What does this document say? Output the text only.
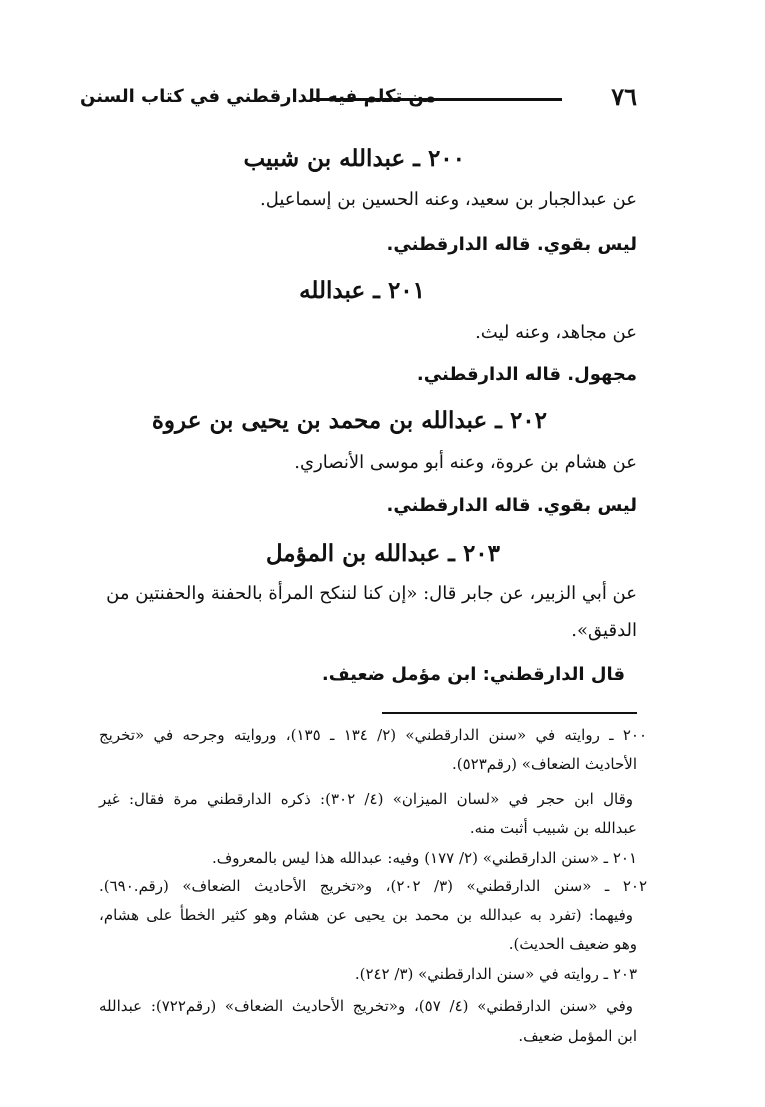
٧٦
من تكلم فيه الدارقطني في كتاب السنن
٢٠٠ ـ عبدالله بن شبيب
عن عبدالجبار بن سعيد، وعنه الحسين بن إسماعيل.
ليس بقوي. قاله الدارقطني.
٢٠١ ـ عبدالله
عن مجاهد، وعنه ليث.
مجهول. قاله الدارقطني.
٢٠٢ ـ عبدالله بن محمد بن يحيى بن عروة
عن هشام بن عروة، وعنه أبو موسى الأنصاري.
ليس بقوي. قاله الدارقطني.
٢٠٣ ـ عبدالله بن المؤمل
عن أبي الزبير، عن جابر قال: «إن كنا لننكح المرأة بالحفنة والحفنتين من
الدقيق».
قال الدارقطني: ابن مؤمل ضعيف.
٢٠٠ ـ روايته في «سنن الدارقطني» (٢/ ١٣٤ ـ ١٣٥)، وروايته وجرحه في «تخريج
الأحاديث الضعاف» (رقم٥٢٣).
وقال ابن حجر في «لسان الميزان» (٤/ ٣٠٢): ذكره الدارقطني مرة فقال: غير
عبدالله بن شبيب أثبت منه.
٢٠١ ـ «سنن الدارقطني» (٢/ ١٧٧) وفيه: عبدالله هذا ليس بالمعروف.
٢٠٢ ـ «سنن الدارقطني» (٣/ ٢٠٢)، و«تخريج الأحاديث الضعاف» (رقم.٦٩٠).
وفيهما: (تفرد به عبدالله بن محمد بن يحيى عن هشام وهو كثير الخطأ على هشام،
وهو ضعيف الحديث).
٢٠٣ ـ روايته في «سنن الدارقطني» (٣/ ٢٤٢).
وفي «سنن الدارقطني» (٤/ ٥٧)، و«تخريج الأحاديث الضعاف» (رقم٧٢٢): عبدالله
ابن المؤمل ضعيف.
